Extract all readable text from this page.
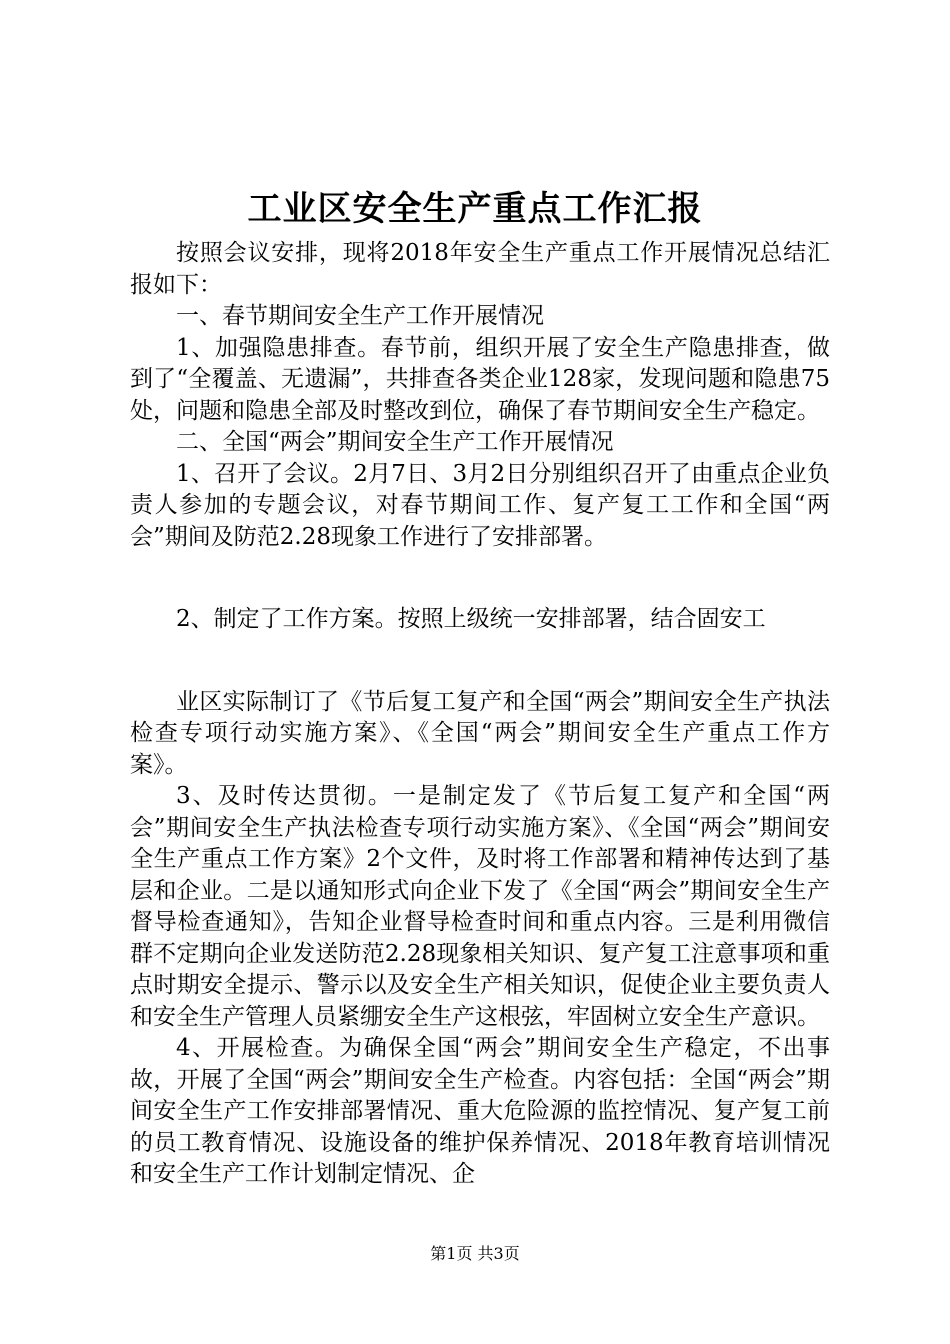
工业区安全生产重点工作汇报

按照会议安排，现将2018年安全生产重点工作开展情况总结汇报如下：

一、春节期间安全生产工作开展情况

1、加强隐患排查。春节前，组织开展了安全生产隐患排查，做到了“全覆盖、无遗漏”，共排查各类企业128家，发现问题和隐患75处，问题和隐患全部及时整改到位，确保了春节期间安全生产稳定。

二、全国“两会”期间安全生产工作开展情况

1、召开了会议。2月7日、3月2日分别组织召开了由重点企业负责人参加的专题会议，对春节期间工作、复产复工工作和全国“两会”期间及防范2.28现象工作进行了安排部署。

2、制定了工作方案。按照上级统一安排部署，结合固安工

业区实际制订了《节后复工复产和全国“两会”期间安全生产执法检查专项行动实施方案》、《全国“两会”期间安全生产重点工作方案》。

3、及时传达贯彻。一是制定发了《节后复工复产和全国“两会”期间安全生产执法检查专项行动实施方案》、《全国“两会”期间安全生产重点工作方案》2个文件，及时将工作部署和精神传达到了基层和企业。二是以通知形式向企业下发了《全国“两会”期间安全生产督导检查通知》，告知企业督导检查时间和重点内容。三是利用微信群不定期向企业发送防范2.28现象相关知识、复产复工注意事项和重点时期安全提示、警示以及安全生产相关知识，促使企业主要负责人和安全生产管理人员紧绷安全生产这根弦，牢固树立安全生产意识。

4、开展检查。为确保全国“两会”期间安全生产稳定，不出事故，开展了全国“两会”期间安全生产检查。内容包括：全国“两会”期间安全生产工作安排部署情况、重大危险源的监控情况、复产复工前的员工教育情况、设施设备的维护保养情况、2018年教育培训情况和安全生产工作计划制定情况、企

第1页 共3页
